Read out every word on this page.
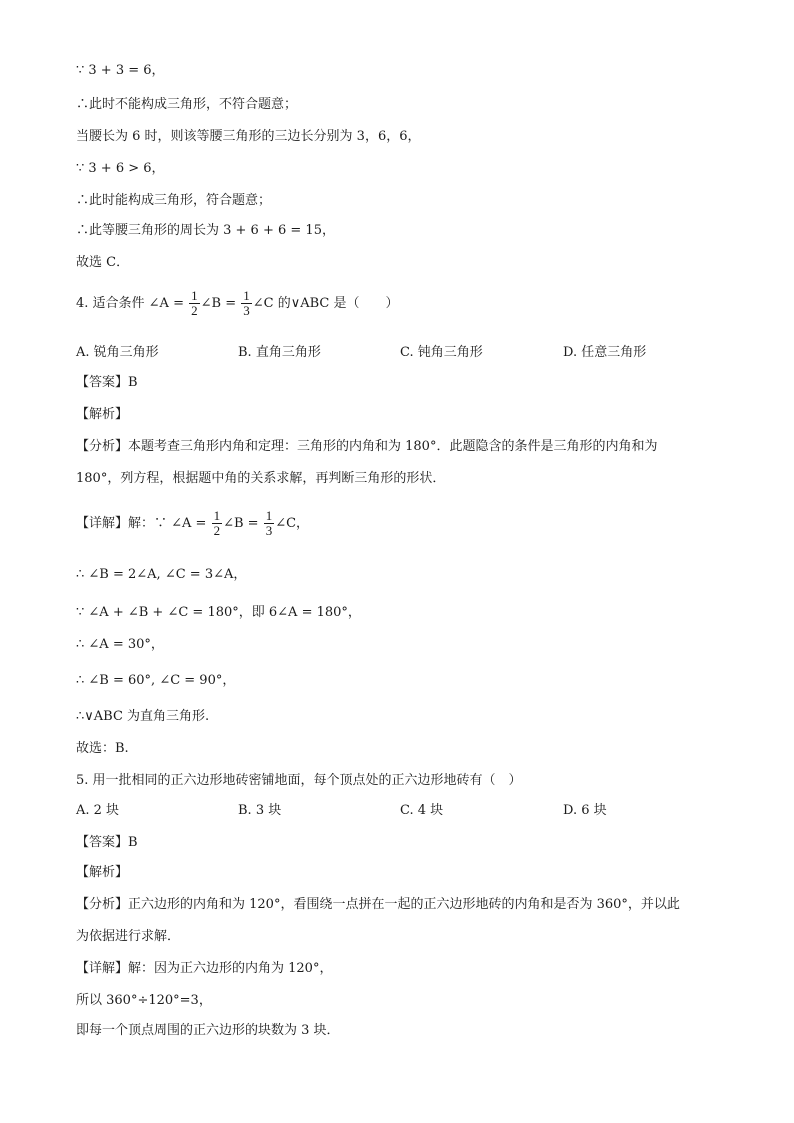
∵ 3 + 3 = 6，
∴此时不能构成三角形，不符合题意；
当腰长为 6 时，则该等腰三角形的三边长分别为 3，6，6，
∵ 3 + 6 > 6，
∴此时能构成三角形，符合题意；
∴此等腰三角形的周长为 3 + 6 + 6 = 15，
故选 C．
4. 适合条件 ∠A = $\frac{1}{2}$ ∠B = $\frac{1}{3}$ ∠C 的∨ABC 是（　　）
A. 锐角三角形	B. 直角三角形	C. 钝角三角形	D. 任意三角形
【答案】B
【解析】
【分析】本题考查三角形内角和定理：三角形的内角和为 180°．此题隐含的条件是三角形的内角和为
180°，列方程，根据题中角的关系求解，再判断三角形的形状．
【详解】解：∵ ∠A = $\frac{1}{2}$ ∠B = $\frac{1}{3}$ ∠C，
∴ ∠B = 2∠A, ∠C = 3∠A，
∵ ∠A + ∠B + ∠C = 180°，即 6∠A = 180°，
∴ ∠A = 30°，
∴ ∠B = 60°, ∠C = 90°，
∴∨ABC 为直角三角形.
故选：B.
5. 用一批相同的正六边形地砖密铺地面，每个顶点处的正六边形地砖有（　）
A. 2 块	B. 3 块	C. 4 块	D. 6 块
【答案】B
【解析】
【分析】正六边形的内角和为 120°，看围绕一点拼在一起的正六边形地砖的内角和是否为 360°，并以此
为依据进行求解．
【详解】解：因为正六边形的内角为 120°，
所以 360°÷120°=3，
即每一个顶点周围的正六边形的块数为 3 块．
